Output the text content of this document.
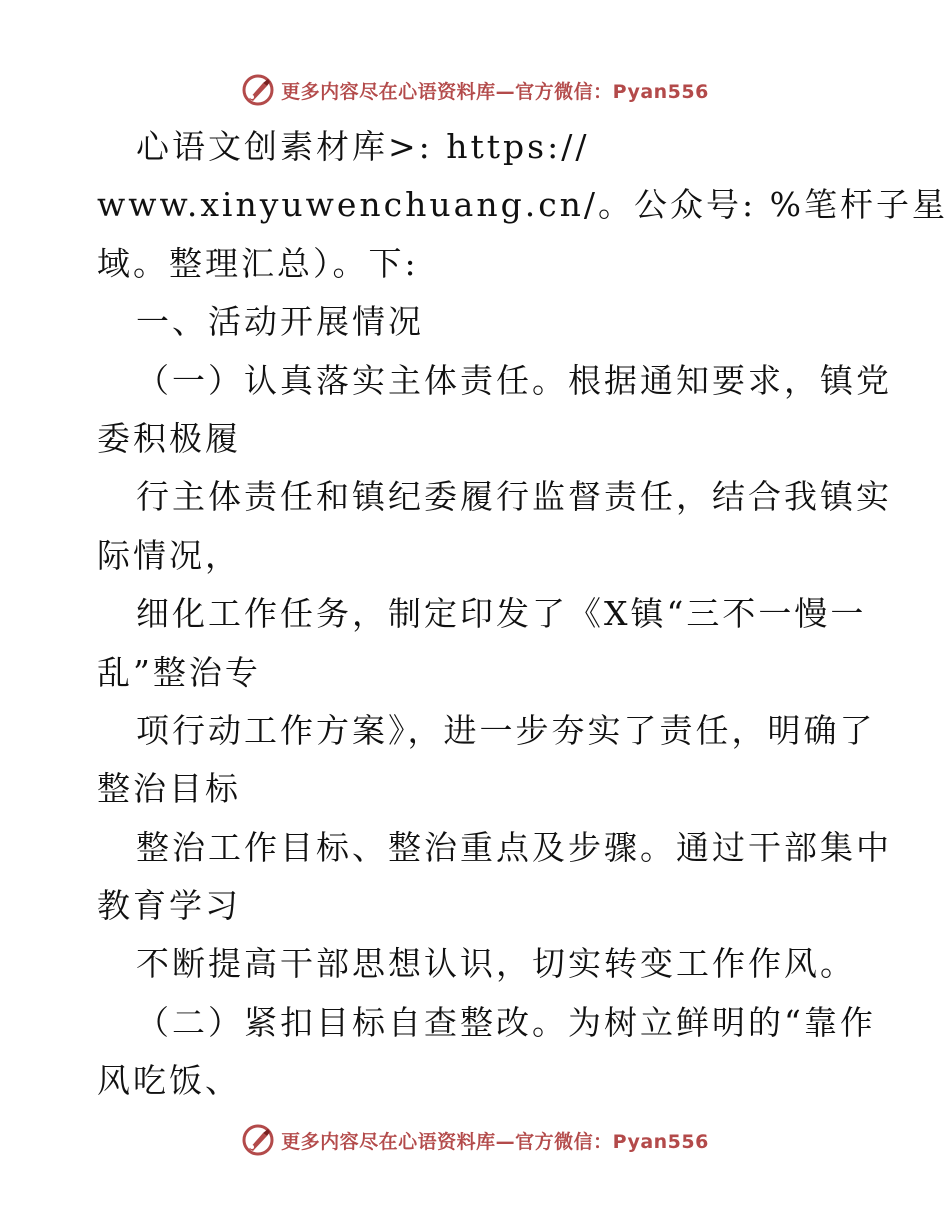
更多内容尽在心语资料库—官方微信：Pyan556
心语文创素材库>: https://
www.xinyuwenchuang.cn/。公众号: %笔杆子星
域。整理汇总）。下:
一、活动开展情况
（一）认真落实主体责任。根据通知要求，镇党
委积极履
行主体责任和镇纪委履行监督责任，结合我镇实
际情况，
细化工作任务，制定印发了《X镇“三不一慢一
乱”整治专
项行动工作方案》，进一步夯实了责任，明确了
整治目标
整治工作目标、整治重点及步骤。通过干部集中
教育学习
不断提高干部思想认识，切实转变工作作风。
（二）紧扣目标自查整改。为树立鲜明的“靠作
风吃饭、
更多内容尽在心语资料库—官方微信：Pyan556
